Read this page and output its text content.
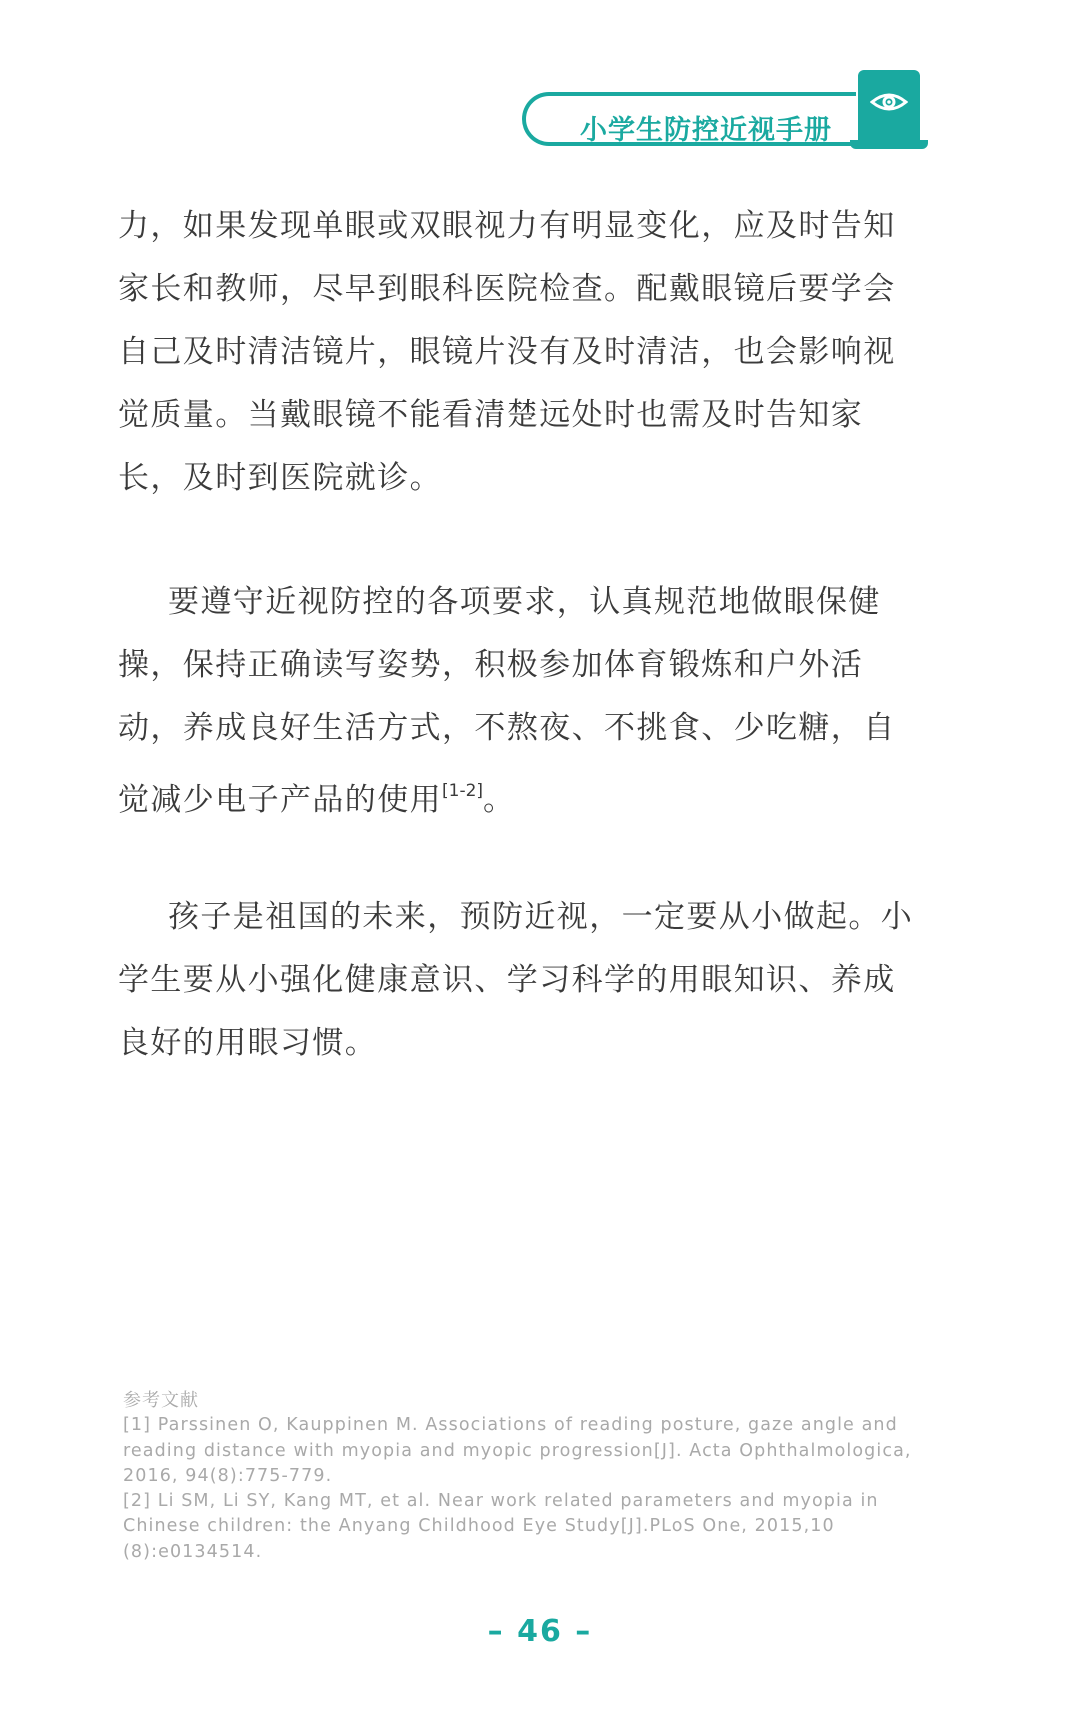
小学生防控近视手册

力，如果发现单眼或双眼视力有明显变化，应及时告知家长和教师，尽早到眼科医院检查。配戴眼镜后要学会自己及时清洁镜片，眼镜片没有及时清洁，也会影响视觉质量。当戴眼镜不能看清楚远处时也需及时告知家长，及时到医院就诊。

要遵守近视防控的各项要求，认真规范地做眼保健操，保持正确读写姿势，积极参加体育锻炼和户外活动，养成良好生活方式，不熬夜、不挑食、少吃糖，自觉减少电子产品的使用[1-2]。

孩子是祖国的未来，预防近视，一定要从小做起。小学生要从小强化健康意识、学习科学的用眼知识、养成良好的用眼习惯。

参考文献

[1] Parssinen O, Kauppinen M. Associations of reading posture, gaze angle and reading distance with myopia and myopic progression[J]. Acta Ophthalmologica, 2016, 94(8):775-779.

[2] Li SM, Li SY, Kang MT, et al. Near work related parameters and myopia in Chinese children: the Anyang Childhood Eye Study[J].PLoS One, 2015,10 (8):e0134514.

– 46 –
